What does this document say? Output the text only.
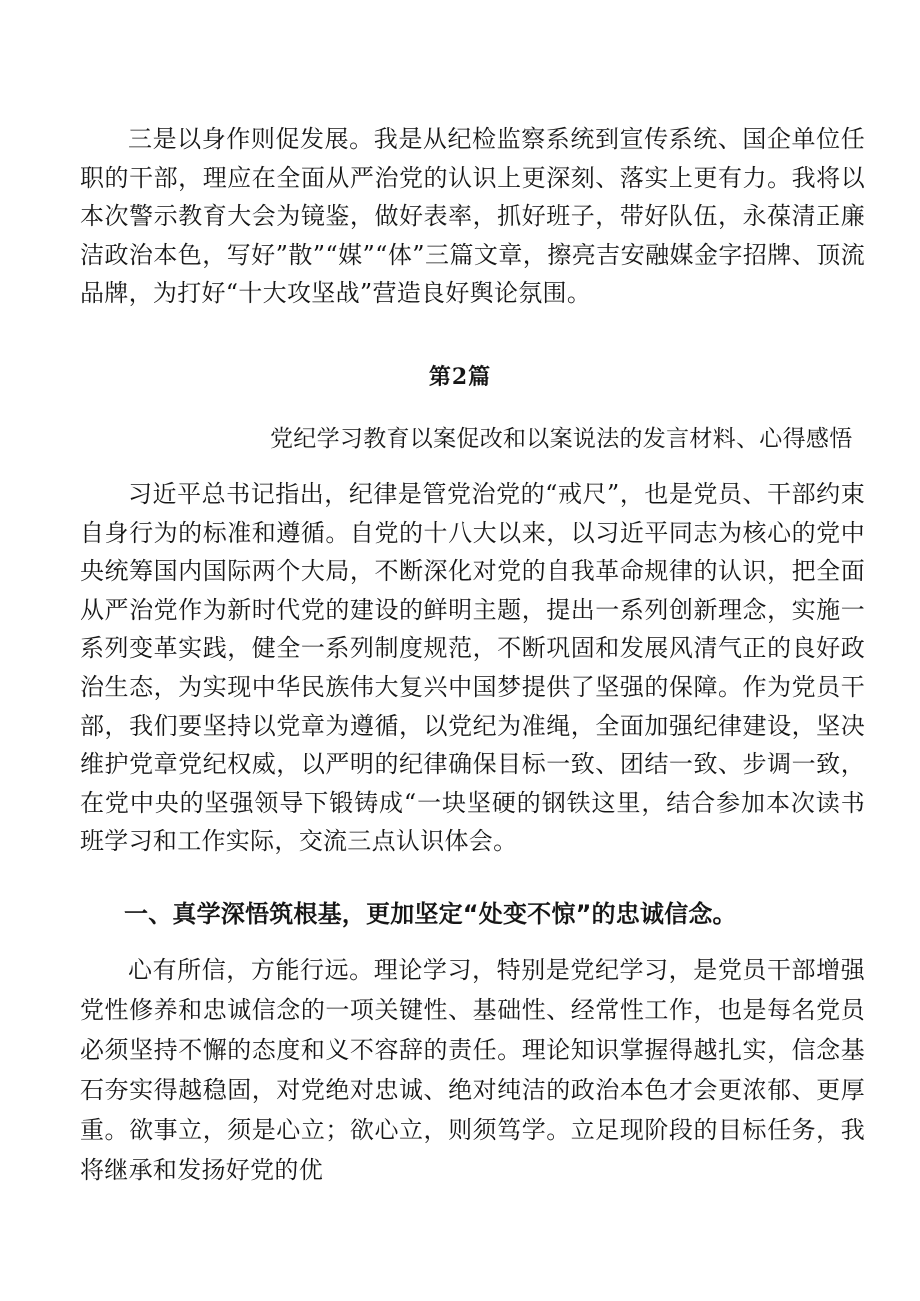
三是以身作则促发展。我是从纪检监察系统到宣传系统、国企单位任职的干部，理应在全面从严治党的认识上更深刻、落实上更有力。我将以本次警示教育大会为镜鉴，做好表率，抓好班子，带好队伍，永葆清正廉洁政治本色，写好”散”“媒”“体”三篇文章，擦亮吉安融媒金字招牌、顶流品牌，为打好“十大攻坚战”营造良好舆论氛围。

第2篇

党纪学习教育以案促改和以案说法的发言材料、心得感悟

习近平总书记指出，纪律是管党治党的“戒尺”，也是党员、干部约束自身行为的标准和遵循。自党的十八大以来，以习近平同志为核心的党中央统筹国内国际两个大局，不断深化对党的自我革命规律的认识，把全面从严治党作为新时代党的建设的鲜明主题，提出一系列创新理念，实施一系列变革实践，健全一系列制度规范，不断巩固和发展风清气正的良好政治生态，为实现中华民族伟大复兴中国梦提供了坚强的保障。作为党员干部，我们要坚持以党章为遵循，以党纪为准绳，全面加强纪律建设，坚决维护党章党纪权威，以严明的纪律确保目标一致、团结一致、步调一致，在党中央的坚强领导下锻铸成“一块坚硬的钢铁这里，结合参加本次读书班学习和工作实际，交流三点认识体会。

一、真学深悟筑根基，更加坚定“处变不惊”的忠诚信念。

心有所信，方能行远。理论学习，特别是党纪学习，是党员干部增强党性修养和忠诚信念的一项关键性、基础性、经常性工作，也是每名党员必须坚持不懈的态度和义不容辞的责任。理论知识掌握得越扎实，信念基石夯实得越稳固，对党绝对忠诚、绝对纯洁的政治本色才会更浓郁、更厚重。欲事立，须是心立；欲心立，则须笃学。立足现阶段的目标任务，我将继承和发扬好党的优
